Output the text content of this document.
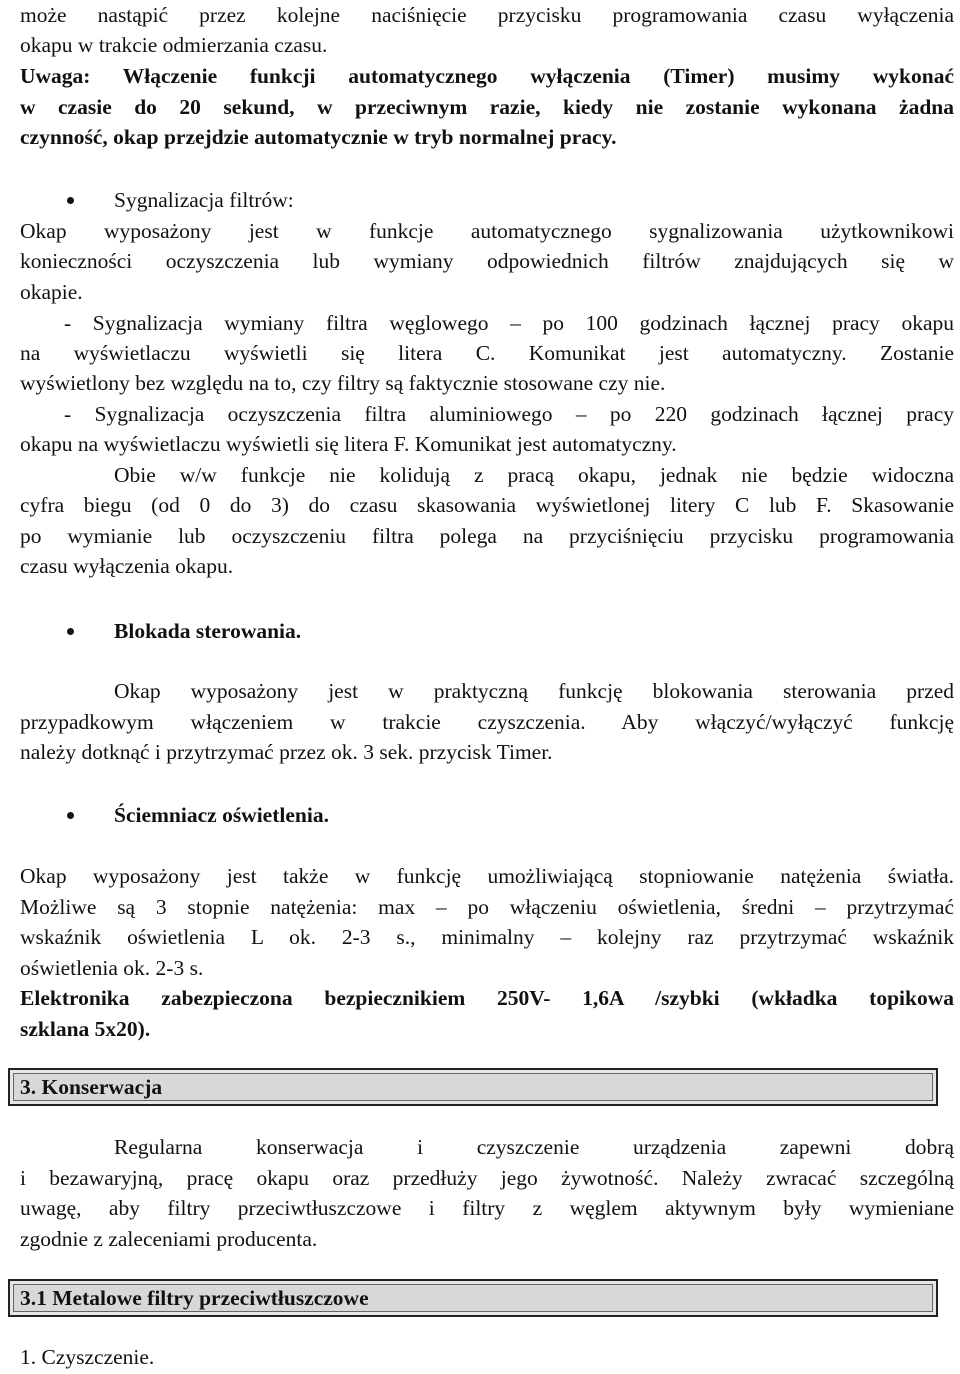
może nastąpić przez kolejne naciśnięcie przycisku programowania czasu wyłączenia
okapu w trakcie odmierzania czasu.
Uwaga: Włączenie funkcji automatycznego wyłączenia (Timer) musimy wykonać
w czasie do 20 sekund, w przeciwnym razie, kiedy nie zostanie wykonana żadna
czynność, okap przejdzie automatycznie w tryb normalnej pracy.
Sygnalizacja filtrów:
Okap wyposażony jest w funkcje automatycznego sygnalizowania użytkownikowi
konieczności oczyszczenia lub wymiany odpowiednich filtrów znajdujących się w
okapie.
- Sygnalizacja wymiany filtra węglowego – po 100 godzinach łącznej pracy okapu
na wyświetlaczu wyświetli się litera C. Komunikat jest automatyczny. Zostanie
wyświetlony bez względu na to, czy filtry są faktycznie stosowane czy nie.
- Sygnalizacja oczyszczenia filtra aluminiowego – po 220 godzinach łącznej pracy
okapu na wyświetlaczu wyświetli się litera F. Komunikat jest automatyczny.
Obie w/w funkcje nie kolidują z pracą okapu, jednak nie będzie widoczna
cyfra biegu (od 0 do 3) do czasu skasowania wyświetlonej litery C lub F. Skasowanie
po wymianie lub oczyszczeniu filtra polega na przyciśnięciu przycisku programowania
czasu wyłączenia okapu.
Blokada sterowania.
Okap wyposażony jest w praktyczną funkcję blokowania sterowania przed
przypadkowym włączeniem w trakcie czyszczenia. Aby włączyć/wyłączyć funkcję
należy dotknąć i przytrzymać przez ok. 3 sek. przycisk Timer.
Ściemniacz oświetlenia.
Okap wyposażony jest także w funkcję umożliwiającą stopniowanie natężenia światła.
Możliwe są 3 stopnie natężenia: max – po włączeniu oświetlenia, średni – przytrzymać
wskaźnik oświetlenia L ok. 2-3 s., minimalny – kolejny raz przytrzymać wskaźnik
oświetlenia ok. 2-3 s.
Elektronika zabezpieczona bezpiecznikiem 250V- 1,6A /szybki (wkładka topikowa
szklana 5x20).
3. Konserwacja
Regularna konserwacja i czyszczenie urządzenia zapewni dobrą
i bezawaryjną, pracę okapu oraz przedłuży jego żywotność. Należy zwracać szczególną
uwagę, aby filtry przeciwtłuszczowe i filtry z węglem aktywnym były wymieniane
zgodnie z zaleceniami producenta.
3.1 Metalowe filtry przeciwtłuszczowe
1. Czyszczenie.
